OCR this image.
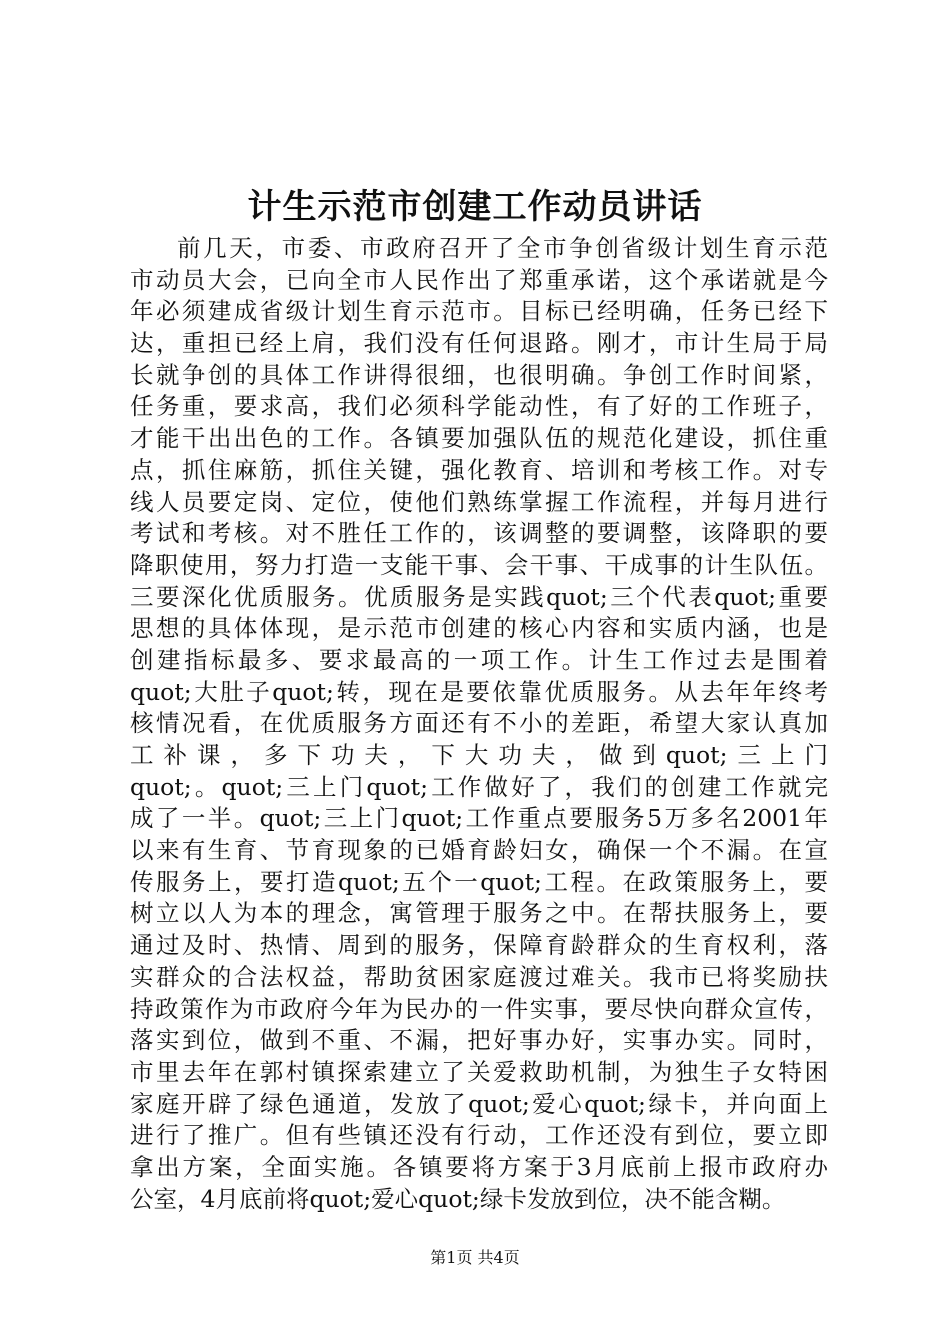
计生示范市创建工作动员讲话
前几天，市委、市政府召开了全市争创省级计划生育示范
市动员大会，已向全市人民作出了郑重承诺，这个承诺就是今
年必须建成省级计划生育示范市。目标已经明确，任务已经下
达，重担已经上肩，我们没有任何退路。刚才，市计生局于局
长就争创的具体工作讲得很细，也很明确。争创工作时间紧，
任务重，要求高，我们必须科学能动性，有了好的工作班子，
才能干出出色的工作。各镇要加强队伍的规范化建设，抓住重
点，抓住麻筋，抓住关键，强化教育、培训和考核工作。对专
线人员要定岗、定位，使他们熟练掌握工作流程，并每月进行
考试和考核。对不胜任工作的，该调整的要调整，该降职的要
降职使用，努力打造一支能干事、会干事、干成事的计生队伍。
三要深化优质服务。优质服务是实践quot;三个代表quot;重要
思想的具体体现，是示范市创建的核心内容和实质内涵，也是
创建指标最多、要求最高的一项工作。计生工作过去是围着
quot;大肚子quot;转，现在是要依靠优质服务。从去年年终考
核情况看，在优质服务方面还有不小的差距，希望大家认真加
工补课，多下功夫，下大功夫，做到quot;三上门
quot;。quot;三上门quot;工作做好了，我们的创建工作就完
成了一半。quot;三上门quot;工作重点要服务5万多名2001年
以来有生育、节育现象的已婚育龄妇女，确保一个不漏。在宣
传服务上，要打造quot;五个一quot;工程。在政策服务上，要
树立以人为本的理念，寓管理于服务之中。在帮扶服务上，要
通过及时、热情、周到的服务，保障育龄群众的生育权利，落
实群众的合法权益，帮助贫困家庭渡过难关。我市已将奖励扶
持政策作为市政府今年为民办的一件实事，要尽快向群众宣传，
落实到位，做到不重、不漏，把好事办好，实事办实。同时，
市里去年在郭村镇探索建立了关爱救助机制，为独生子女特困
家庭开辟了绿色通道，发放了quot;爱心quot;绿卡，并向面上
进行了推广。但有些镇还没有行动，工作还没有到位，要立即
拿出方案，全面实施。各镇要将方案于3月底前上报市政府办
公室，4月底前将quot;爱心quot;绿卡发放到位，决不能含糊。
第1页 共4页
